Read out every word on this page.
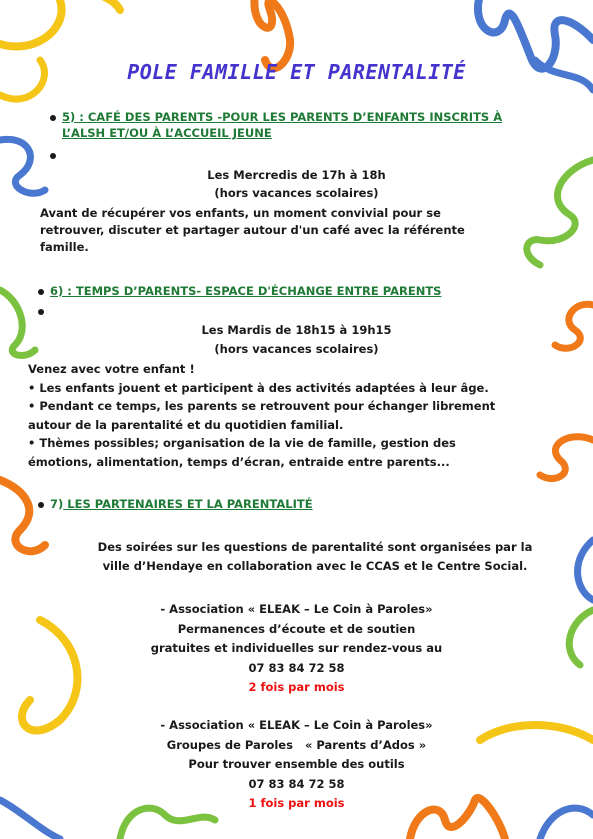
POLE FAMILLE ET PARENTALITÉ
5) : CAFÉ DES PARENTS -POUR LES PARENTS D’ENFANTS INSCRITS À
L’ALSH ET/OU À L’ACCUEIL JEUNE
Les Mercredis de 17h à 18h
(hors vacances scolaires)
Avant de récupérer vos enfants, un moment convivial pour se
retrouver, discuter et partager autour d'un café avec la référente
famille.
6) : TEMPS D’PARENTS- ESPACE D'ÉCHANGE ENTRE PARENTS
Les Mardis de 18h15 à 19h15
(hors vacances scolaires)
Venez avec votre enfant !
• Les enfants jouent et participent à des activités adaptées à leur âge.
• Pendant ce temps, les parents se retrouvent pour échanger librement
autour de la parentalité et du quotidien familial.
• Thèmes possibles; organisation de la vie de famille, gestion des
émotions, alimentation, temps d’écran, entraide entre parents...
7) LES PARTENAIRES ET LA PARENTALITÉ
Des soirées sur les questions de parentalité sont organisées par la
ville d’Hendaye en collaboration avec le CCAS et le Centre Social.
- Association « ELEAK – Le Coin à Paroles»
Permanences d’écoute et de soutien
gratuites et individuelles sur rendez-vous au
07 83 84 72 58
2 fois par mois
- Association « ELEAK – Le Coin à Paroles»
Groupes de Paroles   « Parents d’Ados »
Pour trouver ensemble des outils
07 83 84 72 58
1 fois par mois
